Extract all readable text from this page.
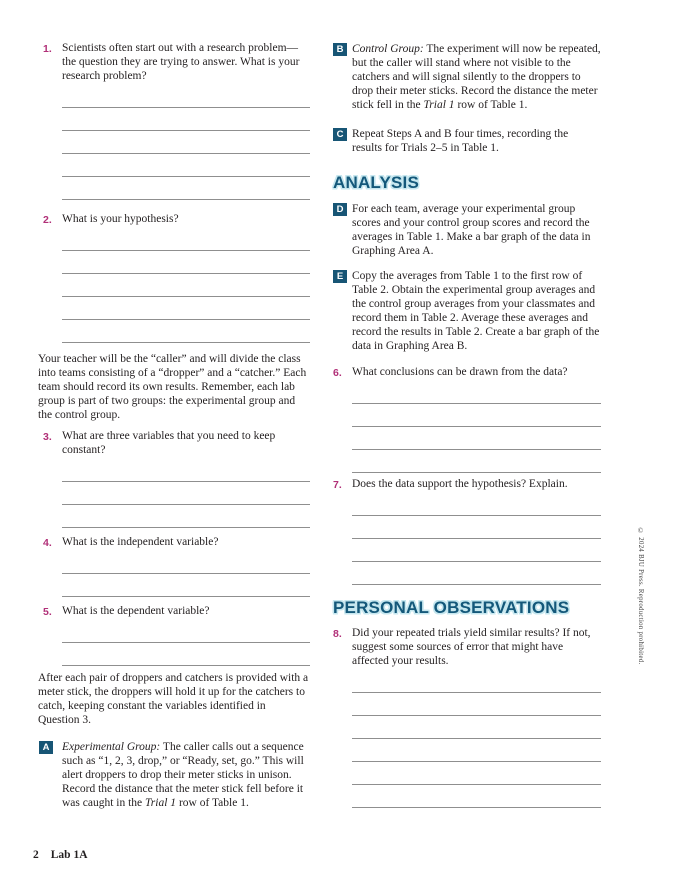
1. Scientists often start out with a research problem—the question they are trying to answer. What is your research problem?
2. What is your hypothesis?
Your teacher will be the “caller” and will divide the class into teams consisting of a “dropper” and a “catcher.” Each team should record its own results. Remember, each lab group is part of two groups: the experimental group and the control group.
3. What are three variables that you need to keep constant?
4. What is the independent variable?
5. What is the dependent variable?
After each pair of droppers and catchers is provided with a meter stick, the droppers will hold it up for the catchers to catch, keeping constant the variables identified in Question 3.
A	Experimental Group: The caller calls out a sequence such as “1, 2, 3, drop,” or “Ready, set, go.” This will alert droppers to drop their meter sticks in unison. Record the distance that the meter stick fell before it was caught in the Trial 1 row of Table 1.
B Control Group: The experiment will now be repeated, but the caller will stand where not visible to the catchers and will signal silently to the droppers to drop their meter sticks. Record the distance the meter stick fell in the Trial 1 row of Table 1.
C Repeat Steps A and B four times, recording the results for Trials 2–5 in Table 1.
ANALYSIS
D For each team, average your experimental group scores and your control group scores and record the averages in Table 1. Make a bar graph of the data in Graphing Area A.
E Copy the averages from Table 1 to the first row of Table 2. Obtain the experimental group averages and the control group averages from your classmates and record them in Table 2. Average these averages and record the results in Table 2. Create a bar graph of the data in Graphing Area B.
6. What conclusions can be drawn from the data?
7. Does the data support the hypothesis? Explain.
PERSONAL OBSERVATIONS
8. Did your repeated trials yield similar results? If not, suggest some sources of error that might have affected your results.	© 2024 BJU Press. Reproduction prohibited.
2 Lab 1A
